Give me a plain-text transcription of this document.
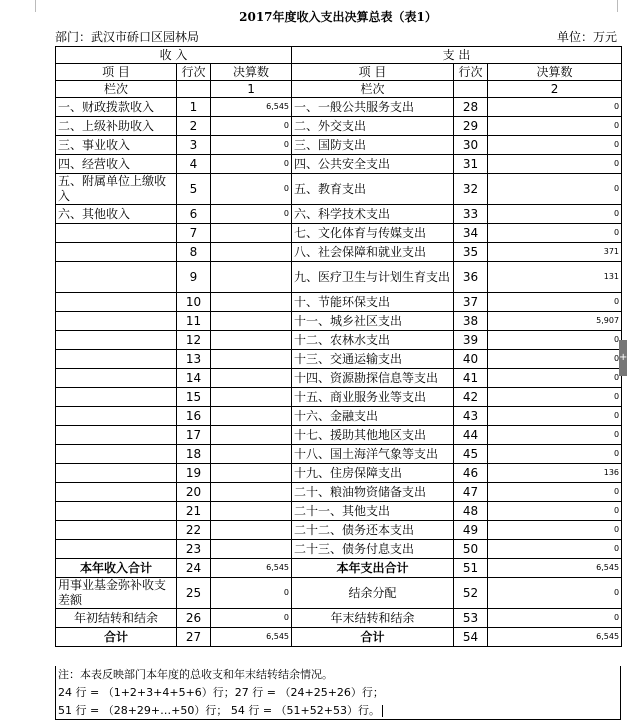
2017年度收入支出决算总表（表1）
部门：武汉市硚口区园林局	单位：万元
收 入			支 出		
项 目	行次	决算数	项 目	行次	决算数
栏次		1	栏次		2
一、财政拨款收入	1	6,545	一、一般公共服务支出	28	0
二、上级补助收入	2	0	二、外交支出	29	0
三、事业收入	3	0	三、国防支出	30	0
四、经营收入	4	0	四、公共安全支出	31	0
五、附属单位上缴收入	5	0	五、教育支出	32	0
六、其他收入	6	0	六、科学技术支出	33	0
	7		七、文化体育与传媒支出	34	0
	8		八、社会保障和就业支出	35	371
	9		九、医疗卫生与计划生育支出	36	131
	10		十、节能环保支出	37	0
	11		十一、城乡社区支出	38	5,907
	12		十二、农林水支出	39	0
	13		十三、交通运输支出	40	0
	14		十四、资源勘探信息等支出	41	0
	15		十五、商业服务业等支出	42	0
	16		十六、金融支出	43	0
	17		十七、援助其他地区支出	44	0
	18		十八、国土海洋气象等支出	45	0
	19		十九、住房保障支出	46	136
	20		二十、粮油物资储备支出	47	0
	21		二十一、其他支出	48	0
	22		二十二、债务还本支出	49	0
	23		二十三、债务付息支出	50	0
本年收入合计	24	6,545	本年支出合计	51	6,545
用事业基金弥补收支差额	25	0	结余分配	52	0
年初结转和结余	26	0	年末结转和结余	53	0
合计	27	6,545	合计	54	6,545
注：本表反映部门本年度的总收支和年末结转结余情况。
24 行 = （1+2+3+4+5+6）行；27 行 = （24+25+26）行；
51 行 = （28+29+…+50）行； 54 行 = （51+52+53）行。
+
